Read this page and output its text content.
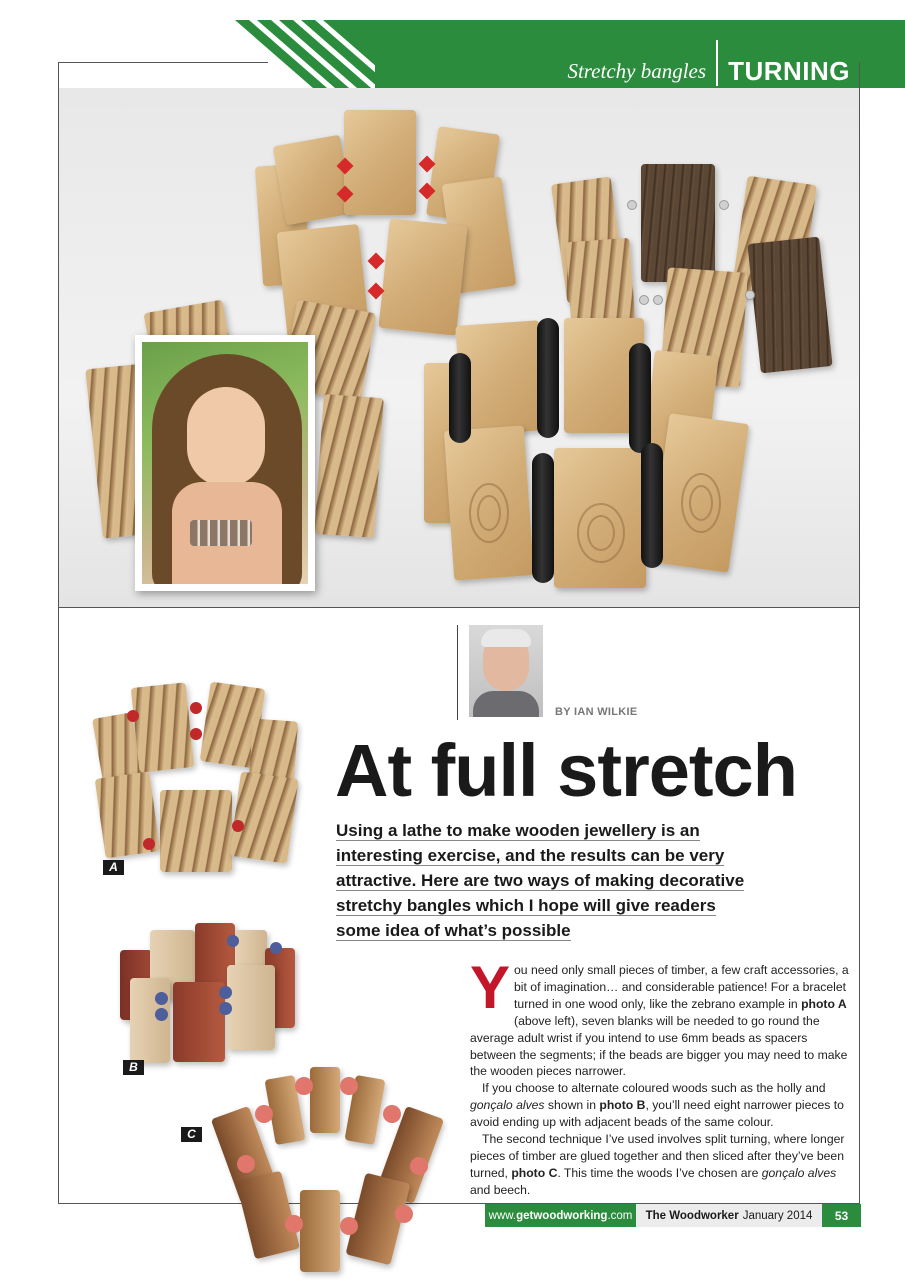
Stretchy bangles TURNING
BY IAN WILKIE
At full stretch
Using a lathe to make wooden jewellery is an
interesting exercise, and the results can be very
attractive. Here are two ways of making decorative
stretchy bangles which I hope will give readers
some idea of what’s possible
A
B
C

You need only small pieces of timber, a few craft accessories, a bit of imagination… and considerable patience! For a bracelet turned in one wood only, like the zebrano example in photo A (above left), seven blanks will be needed to go round the average adult wrist if you intend to use 6mm beads as spacers between the segments; if the beads are bigger you may need to make the wooden pieces narrower.

If you choose to alternate coloured woods such as the holly and gonçalo alves shown in photo B, you’ll need eight narrower pieces to avoid ending up with adjacent beads of the same colour.

The second technique I’ve used involves split turning, where longer pieces of timber are glued together and then sliced after they’ve been turned, photo C. This time the woods I’ve chosen are gonçalo alves and beech.

www. getwoodworking .com The Woodworker January 2014	53
